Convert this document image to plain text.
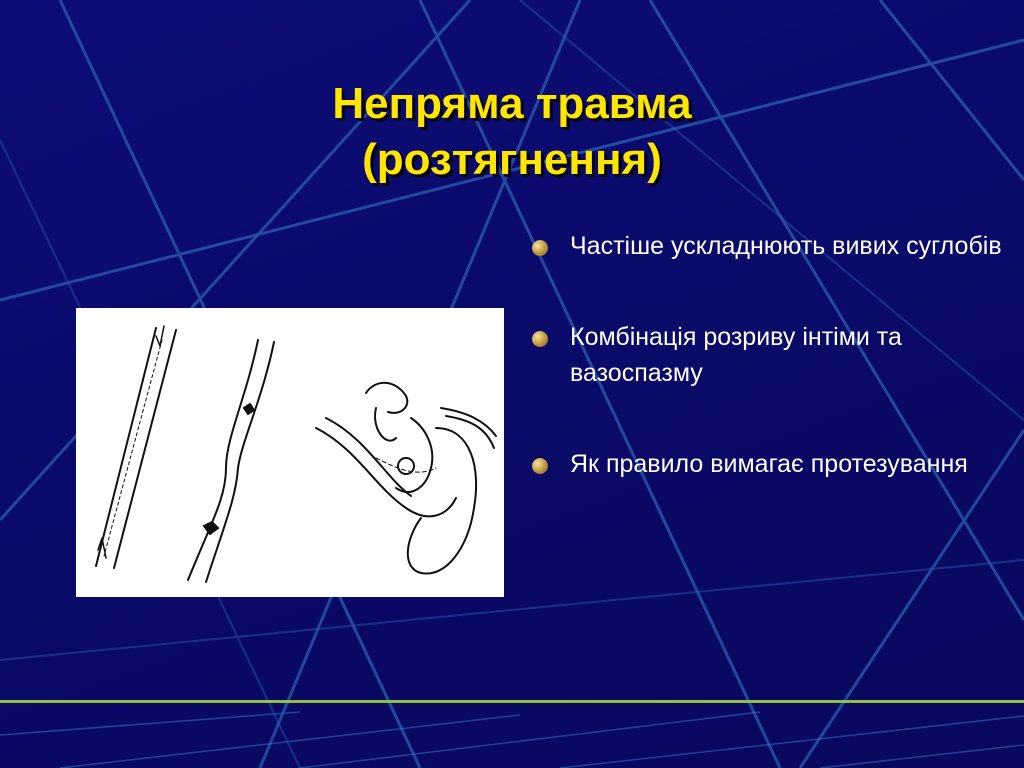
Непряма травма
(розтягнення)
Частіше ускладнюють вивих суглобів
Комбінація розриву інтіми та вазоспазму
Як правило вимагає протезування
